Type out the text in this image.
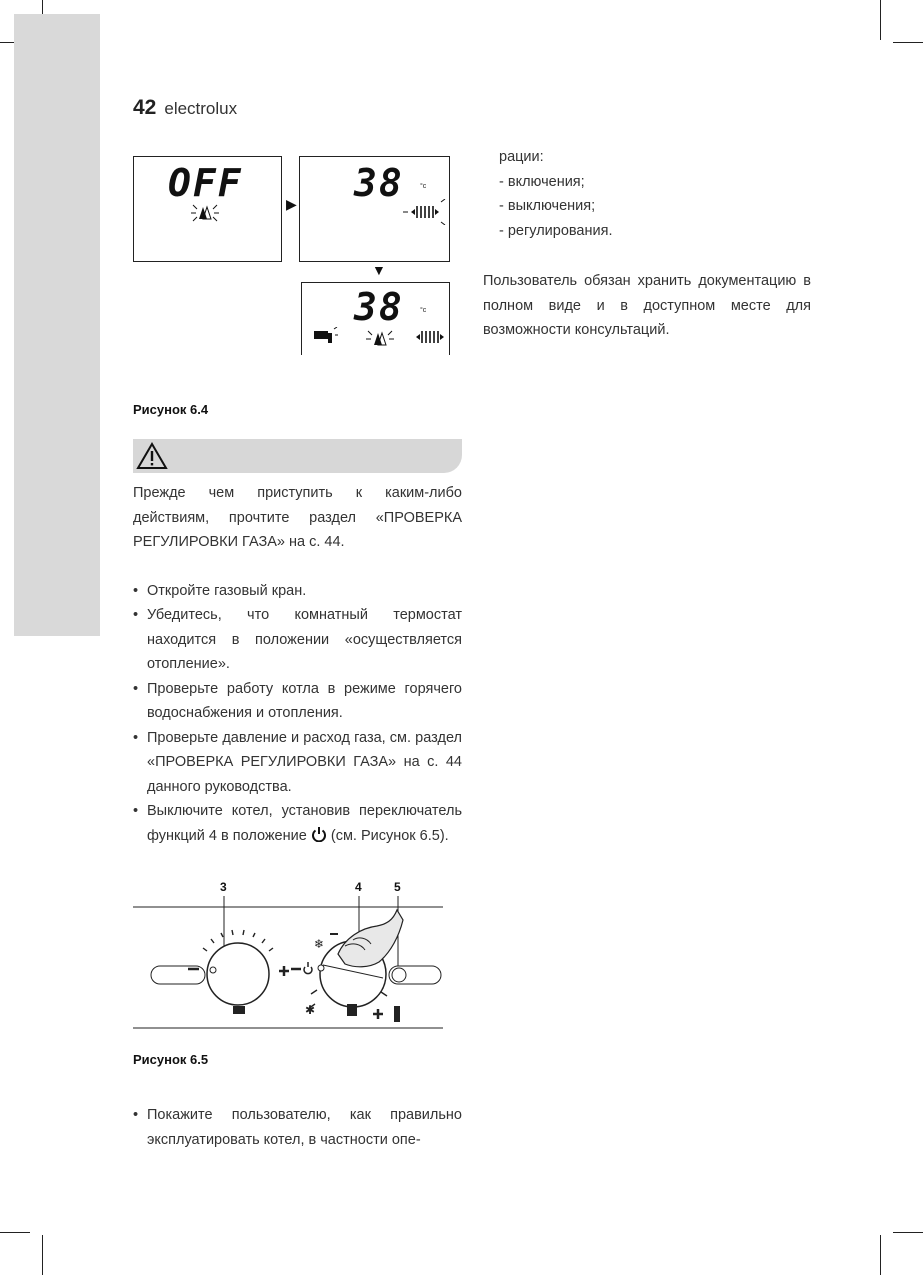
42 electrolux
OFF	▶ 38 °c
▼
38 °c
Рисунок 6.4

Прежде чем приступить к каким-либо действиям, прочтите раздел «ПРОВЕРКА РЕГУЛИРОВКИ ГАЗА» на с. 44.

• Откройте газовый кран.
• Убедитесь, что комнатный термостат находится в положении «осуществляется отопление».
• Проверьте работу котла в режиме горячего водоснабжения и отопления.
• Проверьте давление и расход газа, см. раздел «ПРОВЕРКА РЕГУЛИРОВКИ ГАЗА» на с. 44 данного руководства.
• Выключите котел, установив переключатель функций 4 в положение (см. Рисунок 6.5).
3	4	5
❄
✱
Рисунок 6.5
• Покажите пользователю, как правильно эксплуатировать котел, в частности опе-

рации:

- включения;
- выключения;
- регулирования.

Пользователь обязан хранить документацию в полном виде и в доступном месте для возможности консультаций.
